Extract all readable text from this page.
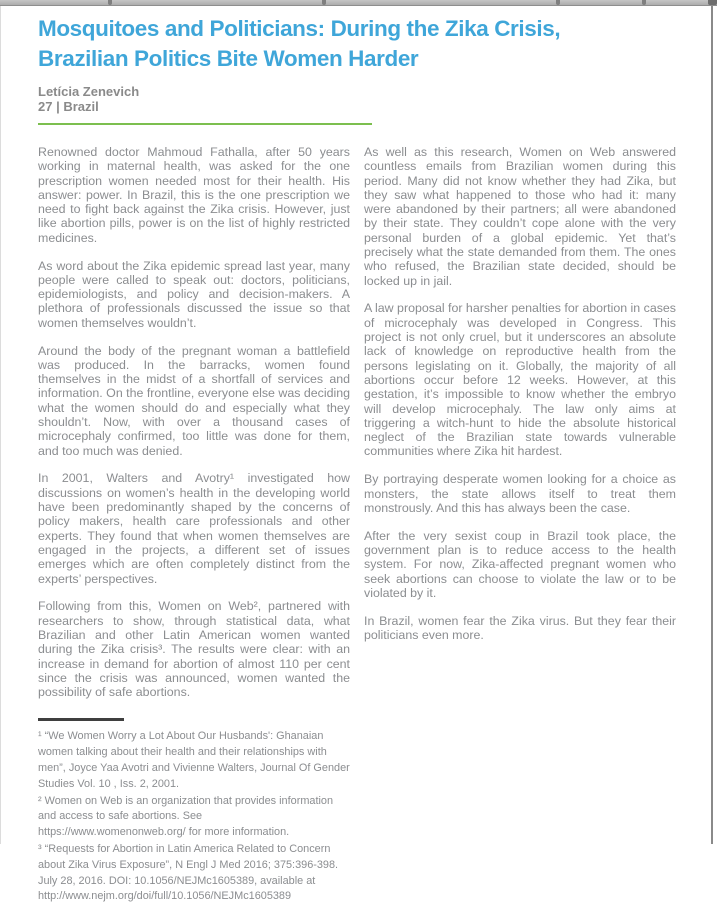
Mosquitoes and Politicians: During the Zika Crisis,
Brazilian Politics Bite Women Harder
Letícia Zenevich
27 | Brazil

Renowned doctor Mahmoud Fathalla, after 50 years working in maternal health, was asked for the one prescription women needed most for their health. His answer: power. In Brazil, this is the one prescription we need to fight back against the Zika crisis. However, just like abortion pills, power is on the list of highly restricted medicines.

As word about the Zika epidemic spread last year, many people were called to speak out: doctors, politicians, epidemiologists, and policy and decision-makers. A plethora of professionals discussed the issue so that women themselves wouldn’t.

Around the body of the pregnant woman a battlefield was produced. In the barracks, women found themselves in the midst of a shortfall of services and information. On the frontline, everyone else was deciding what the women should do and especially what they shouldn’t. Now, with over a thousand cases of microcephaly confirmed, too little was done for them, and too much was denied.

In 2001, Walters and Avotry¹ investigated how discussions on women’s health in the developing world have been predominantly shaped by the concerns of policy makers, health care professionals and other experts. They found that when women themselves are engaged in the projects, a different set of issues emerges which are often completely distinct from the experts’ perspectives.

Following from this, Women on Web², partnered with researchers to show, through statistical data, what Brazilian and other Latin American women wanted during the Zika crisis³. The results were clear: with an increase in demand for abortion of almost 110 per cent since the crisis was announced, women wanted the possibility of safe abortions.

¹ “We Women Worry a Lot About Our Husbands': Ghanaian women talking about their health and their relationships with men”, Joyce Yaa Avotri and Vivienne Walters, Journal Of Gender Studies Vol. 10 , Iss. 2, 2001.

² Women on Web is an organization that provides information and access to safe abortions. See https://www.womenonweb.org/ for more information.

³ “Requests for Abortion in Latin America Related to Concern about Zika Virus Exposure”, N Engl J Med 2016; 375:396-398. July 28, 2016. DOI: 10.1056/NEJMc1605389, available at http://www.nejm.org/doi/full/10.1056/NEJMc1605389

As well as this research, Women on Web answered countless emails from Brazilian women during this period. Many did not know whether they had Zika, but they saw what happened to those who had it: many were abandoned by their partners; all were abandoned by their state. They couldn’t cope alone with the very personal burden of a global epidemic. Yet that’s precisely what the state demanded from them. The ones who refused, the Brazilian state decided, should be locked up in jail.

A law proposal for harsher penalties for abortion in cases of microcephaly was developed in Congress. This project is not only cruel, but it underscores an absolute lack of knowledge on reproductive health from the persons legislating on it. Globally, the majority of all abortions occur before 12 weeks. However, at this gestation, it’s impossible to know whether the embryo will develop microcephaly. The law only aims at triggering a witch-hunt to hide the absolute historical neglect of the Brazilian state towards vulnerable communities where Zika hit hardest.

By portraying desperate women looking for a choice as monsters, the state allows itself to treat them monstrously. And this has always been the case.

After the very sexist coup in Brazil took place, the government plan is to reduce access to the health system. For now, Zika-affected pregnant women who seek abortions can choose to violate the law or to be violated by it.

In Brazil, women fear the Zika virus. But they fear their politicians even more.
